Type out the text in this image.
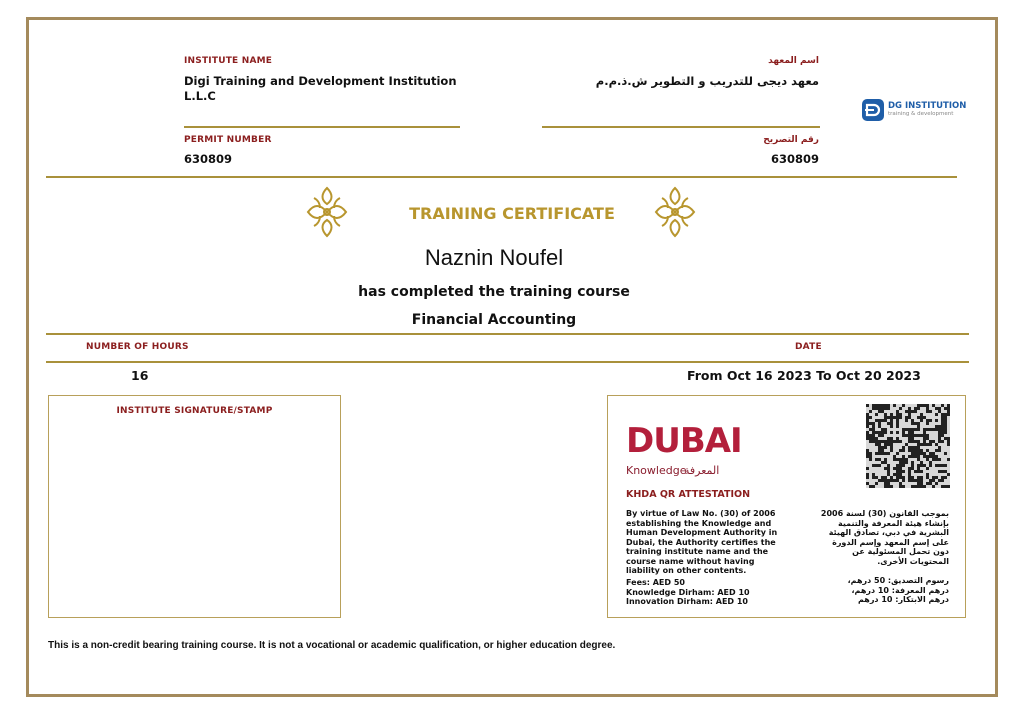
INSTITUTE NAME	اسم المعهد
Digi Training and Development Institution
L.L.C
معهد ديجى للتدريب و التطوير ش.ذ.م.م
DG INSTITUTION
training & development
PERMIT NUMBER	رقم التصريح
630809	630809
TRAINING CERTIFICATE
Naznin Noufel
has completed the training course
Financial Accounting
NUMBER OF HOURS	DATE
16	From Oct 16 2023 To Oct 20 2023
INSTITUTE SIGNATURE/STAMP
DUBAI
Knowledge
المعرفة
KHDA QR ATTESTATION
By virtue of Law No. (30) of 2006
establishing the Knowledge and
Human Development Authority in
Dubai, the Authority certifies the
training institute name and the
course name without having
liability on other contents.
بموجب القانون (30) لسنة 2006
بإنشاء هيئة المعرفة والتنمية
البشرية في دبي، تصادق الهيئة
على إسم المعهد وإسم الدورة
دون تحمل المسئولية عن
المحتويات الأخرى.
Fees: AED 50
Knowledge Dirham: AED 10
Innovation Dirham: AED 10
رسوم التصديق: 50 درهم،
درهم المعرفة: 10 درهم،
درهم الابتكار: 10 درهم
This is a non-credit bearing training course. It is not a vocational or academic qualification, or higher education degree.
